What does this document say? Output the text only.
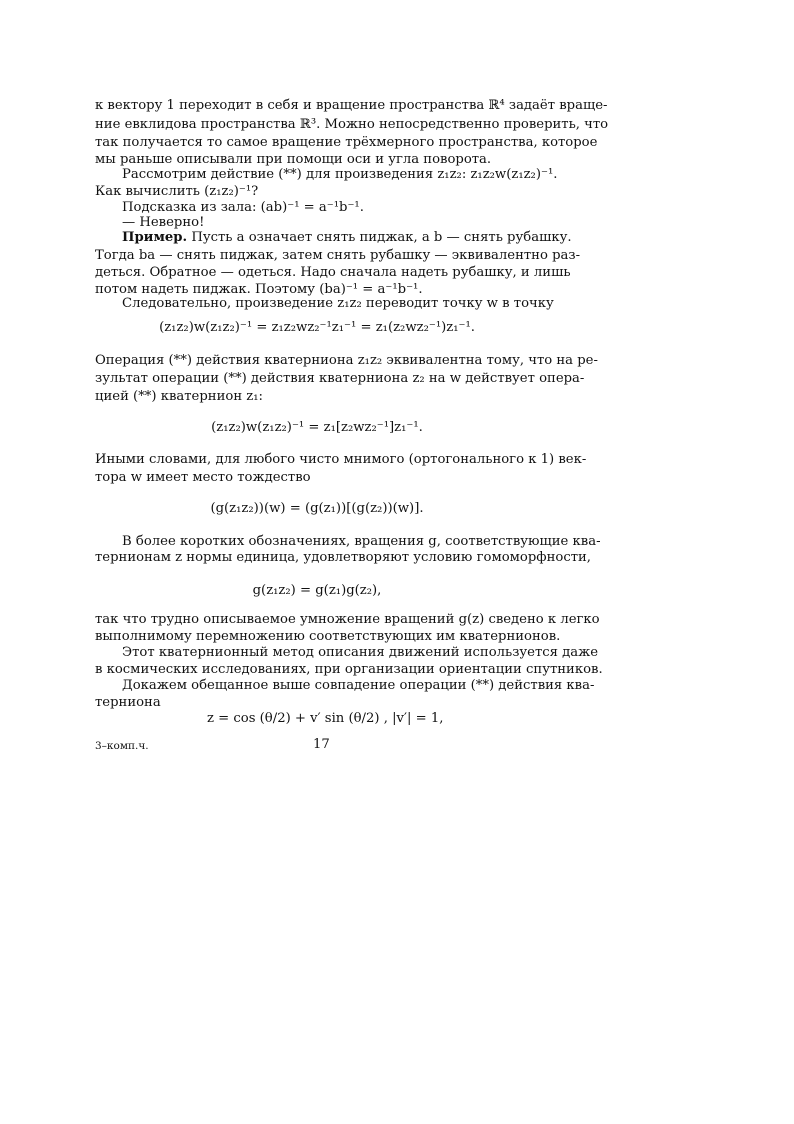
к вектору 1 переходит в себя и вращение пространства ℝ⁴ задаёт враще-
ние евклидова пространства ℝ³. Можно непосредственно проверить, что
так получается то самое вращение трёхмерного пространства, которое
мы раньше описывали при помощи оси и угла поворота.
Рассмотрим действие (**) для произведения z₁z₂: z₁z₂w(z₁z₂)⁻¹.
Как вычислить (z₁z₂)⁻¹?
Подсказка из зала: (ab)⁻¹ = a⁻¹b⁻¹.
— Неверно!
Пример. Пусть a означает снять пиджак, а b — снять рубашку.
Тогда ba — снять пиджак, затем снять рубашку — эквивалентно раз-
деться. Обратное — одеться. Надо сначала надеть рубашку, и лишь
потом надеть пиджак. Поэтому (ba)⁻¹ = a⁻¹b⁻¹.
Следовательно, произведение z₁z₂ переводит точку w в точку
(z₁z₂)w(z₁z₂)⁻¹ = z₁z₂wz₂⁻¹z₁⁻¹ = z₁(z₂wz₂⁻¹)z₁⁻¹.
Операция (**) действия кватерниона z₁z₂ эквивалентна тому, что на ре-
зультат операции (**) действия кватерниона z₂ на w действует опера-
цией (**) кватернион z₁:
(z₁z₂)w(z₁z₂)⁻¹ = z₁[z₂wz₂⁻¹]z₁⁻¹.
Иными словами, для любого чисто мнимого (ортогонального к 1) век-
тора w имеет место тождество
(g(z₁z₂))(w) = (g(z₁))[(g(z₂))(w)].
В более коротких обозначениях, вращения g, соответствующие ква-
тернионам z нормы единица, удовлетворяют условию гомоморфности,
g(z₁z₂) = g(z₁)g(z₂),
так что трудно описываемое умножение вращений g(z) сведено к легко
выполнимому перемножению соответствующих им кватернионов.
Этот кватернионный метод описания движений используется даже
в космических исследованиях, при организации ориентации спутников.
Докажем обещанное выше совпадение операции (**) действия ква-
терниона
z = cos (θ/2) + v′ sin (θ/2) , |v′| = 1,
3–комп.ч.	17
